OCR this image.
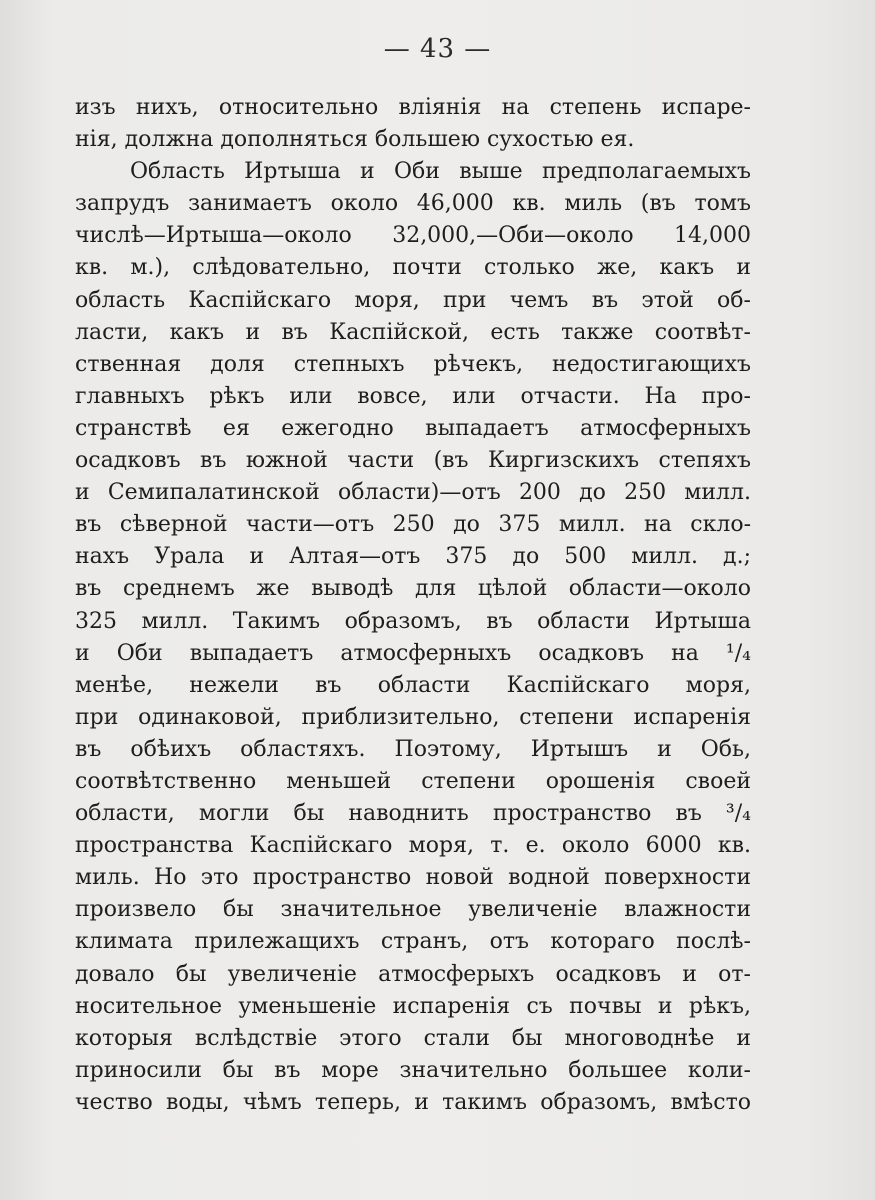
— 43 —
изъ нихъ, относительно вліянія на степень испаре-
нія, должна дополняться большею сухостью ея.
Область Иртыша и Оби выше предполагаемыхъ
запрудъ занимаетъ около 46,000 кв. миль (въ томъ
числѣ—Иртыша—около 32,000,—Оби—около 14,000
кв. м.), слѣдовательно, почти столько же, какъ и
область Каспійскаго моря, при чемъ въ этой об-
ласти, какъ и въ Каспійской, есть также соотвѣт-
ственная доля степныхъ рѣчекъ, недостигающихъ
главныхъ рѣкъ или вовсе, или отчасти. На про-
странствѣ ея ежегодно выпадаетъ атмосферныхъ
осадковъ въ южной части (въ Киргизскихъ степяхъ
и Семипалатинской области)—отъ 200 до 250 милл.
въ сѣверной части—отъ 250 до 375 милл. на скло-
нахъ Урала и Алтая—отъ 375 до 500 милл. д.;
въ среднемъ же выводѣ для цѣлой области—около
325 милл. Такимъ образомъ, въ области Иртыша
и Оби выпадаетъ атмосферныхъ осадковъ на ¹/₄
менѣе, нежели въ области Каспійскаго моря,
при одинаковой, приблизительно, степени испаренія
въ обѣихъ областяхъ. Поэтому, Иртышъ и Обь,
соотвѣтственно меньшей степени орошенія своей
области, могли бы наводнить пространство въ ³/₄
пространства Каспійскаго моря, т. е. около 6000 кв.
миль. Но это пространство новой водной поверхности
произвело бы значительное увеличеніе влажности
климата прилежащихъ странъ, отъ котораго послѣ-
довало бы увеличеніе атмосферыхъ осадковъ и от-
носительное уменьшеніе испаренія съ почвы и рѣкъ,
которыя вслѣдствіе этого стали бы многоводнѣе и
приносили бы въ море значительно большее коли-
чество воды, чѣмъ теперь, и такимъ образомъ, вмѣсто
